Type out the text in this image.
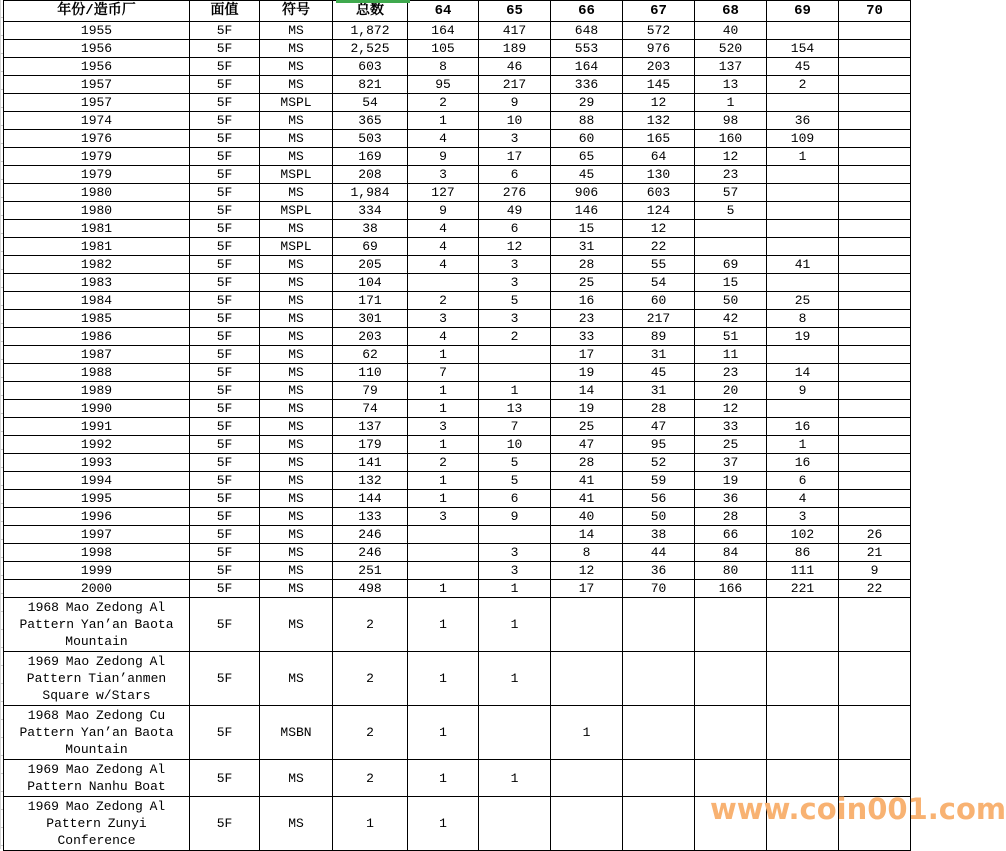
年份/造币厂	面值	符号	总数	64	65	66	67	68	69	70
1955	5F	MS	1,872	164	417	648	572	40		
1956	5F	MS	2,525	105	189	553	976	520	154	
1956	5F	MS	603	8	46	164	203	137	45	
1957	5F	MS	821	95	217	336	145	13	2	
1957	5F	MSPL	54	2	9	29	12	1		
1974	5F	MS	365	1	10	88	132	98	36	
1976	5F	MS	503	4	3	60	165	160	109	
1979	5F	MS	169	9	17	65	64	12	1	
1979	5F	MSPL	208	3	6	45	130	23		
1980	5F	MS	1,984	127	276	906	603	57		
1980	5F	MSPL	334	9	49	146	124	5		
1981	5F	MS	38	4	6	15	12			
1981	5F	MSPL	69	4	12	31	22			
1982	5F	MS	205	4	3	28	55	69	41	
1983	5F	MS	104		3	25	54	15		
1984	5F	MS	171	2	5	16	60	50	25	
1985	5F	MS	301	3	3	23	217	42	8	
1986	5F	MS	203	4	2	33	89	51	19	
1987	5F	MS	62	1		17	31	11		
1988	5F	MS	110	7		19	45	23	14	
1989	5F	MS	79	1	1	14	31	20	9	
1990	5F	MS	74	1	13	19	28	12		
1991	5F	MS	137	3	7	25	47	33	16	
1992	5F	MS	179	1	10	47	95	25	1	
1993	5F	MS	141	2	5	28	52	37	16	
1994	5F	MS	132	1	5	41	59	19	6	
1995	5F	MS	144	1	6	41	56	36	4	
1996	5F	MS	133	3	9	40	50	28	3	
1997	5F	MS	246			14	38	66	102	26
1998	5F	MS	246		3	8	44	84	86	21
1999	5F	MS	251		3	12	36	80	111	9
2000	5F	MS	498	1	1	17	70	166	221	22
1968 Mao Zedong Al Pattern Yan’an Baota Mountain	5F	MS	2	1	1					
1969 Mao Zedong Al Pattern Tian’anmen Square w/Stars	5F	MS	2	1	1					
1968 Mao Zedong Cu Pattern Yan’an Baota Mountain	5F	MSBN	2	1		1				
1969 Mao Zedong Al Pattern Nanhu Boat	5F	MS	2	1	1					
1969 Mao Zedong Al Pattern Zunyi Conference	5F	MS	1	1							www.coin001.com
